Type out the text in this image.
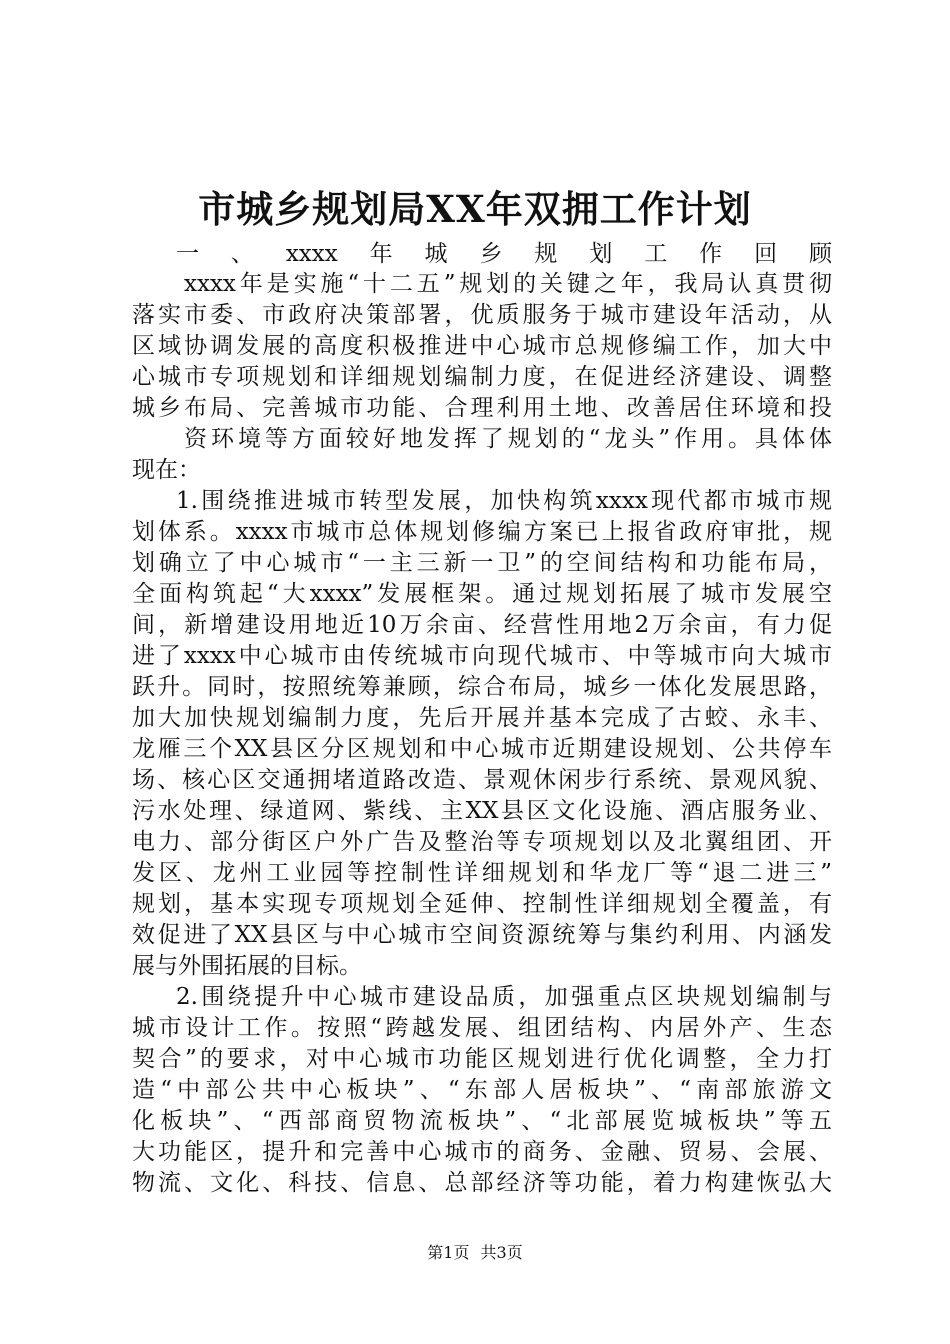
市城乡规划局XX年双拥工作计划
一、xxxx年城乡规划工作回顾
xxxx年是实施“十二五”规划的关键之年，我局认真贯彻
落实市委、市政府决策部署，优质服务于城市建设年活动，从
区域协调发展的高度积极推进中心城市总规修编工作，加大中
心城市专项规划和详细规划编制力度，在促进经济建设、调整
城乡布局、完善城市功能、合理利用土地、改善居住环境和投
资环境等方面较好地发挥了规划的“龙头”作用。具体体
现在：
1.围绕推进城市转型发展，加快构筑xxxx现代都市城市规
划体系。xxxx市城市总体规划修编方案已上报省政府审批，规
划确立了中心城市“一主三新一卫”的空间结构和功能布局，
全面构筑起“大xxxx”发展框架。通过规划拓展了城市发展空
间，新增建设用地近10万余亩、经营性用地2万余亩，有力促
进了xxxx中心城市由传统城市向现代城市、中等城市向大城市
跃升。同时，按照统筹兼顾，综合布局，城乡一体化发展思路，
加大加快规划编制力度，先后开展并基本完成了古蛟、永丰、
龙雁三个XX县区分区规划和中心城市近期建设规划、公共停车
场、核心区交通拥堵道路改造、景观休闲步行系统、景观风貌、
污水处理、绿道网、紫线、主XX县区文化设施、酒店服务业、
电力、部分街区户外广告及整治等专项规划以及北翼组团、开
发区、龙州工业园等控制性详细规划和华龙厂等“退二进三”
规划，基本实现专项规划全延伸、控制性详细规划全覆盖，有
效促进了XX县区与中心城市空间资源统筹与集约利用、内涵发
展与外围拓展的目标。
2.围绕提升中心城市建设品质，加强重点区块规划编制与
城市设计工作。按照“跨越发展、组团结构、内居外产、生态
契合”的要求，对中心城市功能区规划进行优化调整，全力打
造“中部公共中心板块”、“东部人居板块”、“南部旅游文
化板块”、“西部商贸物流板块”、“北部展览城板块”等五
大功能区，提升和完善中心城市的商务、金融、贸易、会展、
物流、文化、科技、信息、总部经济等功能，着力构建恢弘大
第1页 共3页
